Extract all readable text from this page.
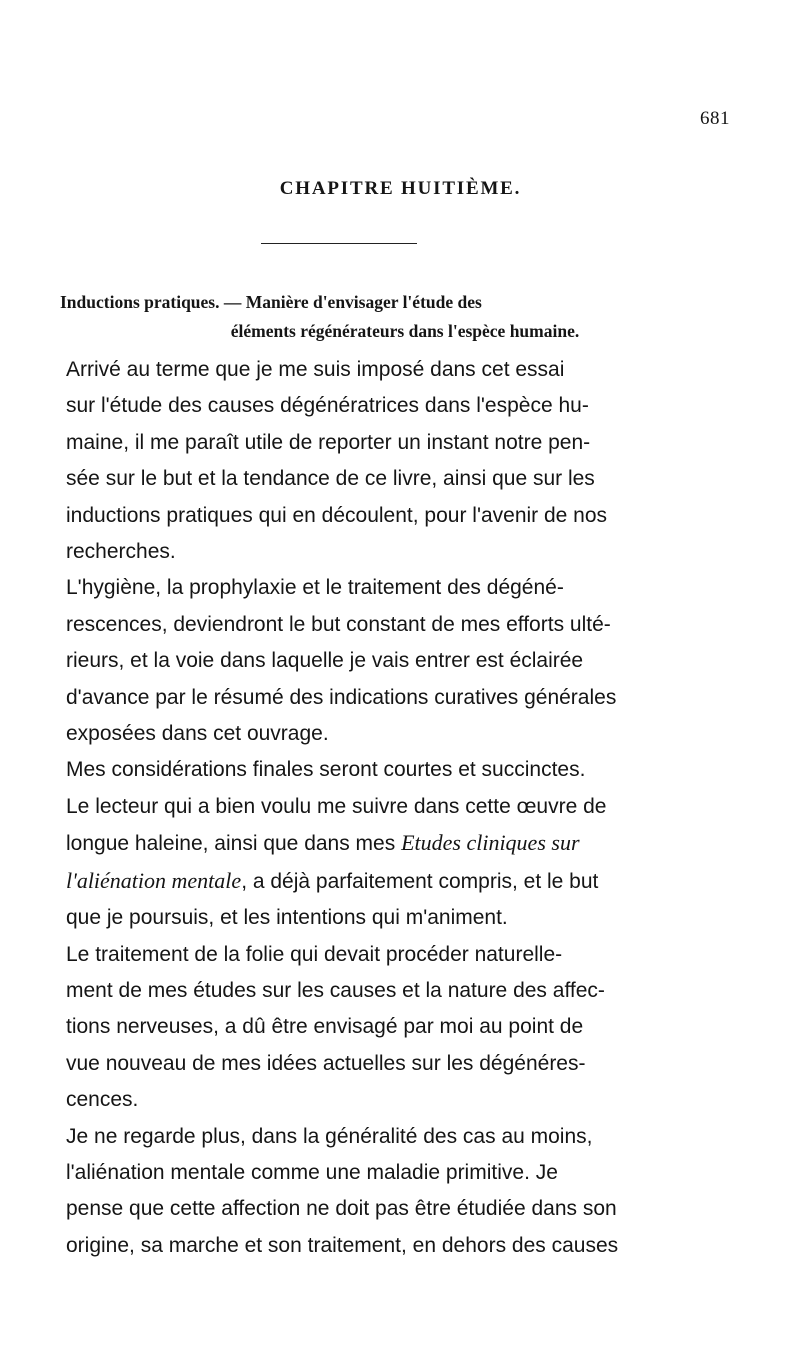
681
CHAPITRE HUITIÈME.
Inductions pratiques. — Manière d'envisager l'étude des
éléments régénérateurs dans l'espèce humaine.
Arrivé au terme que je me suis imposé dans cet essai
sur l'étude des causes dégénératrices dans l'espèce hu-
maine, il me paraît utile de reporter un instant notre pen-
sée sur le but et la tendance de ce livre, ainsi que sur les
inductions pratiques qui en découlent, pour l'avenir de nos
recherches.
L'hygiène, la prophylaxie et le traitement des dégéné-
rescences, deviendront le but constant de mes efforts ulté-
rieurs, et la voie dans laquelle je vais entrer est éclairée
d'avance par le résumé des indications curatives générales
exposées dans cet ouvrage.
Mes considérations finales seront courtes et succinctes.
Le lecteur qui a bien voulu me suivre dans cette œuvre de
longue haleine, ainsi que dans mes Etudes cliniques sur
l'aliénation mentale, a déjà parfaitement compris, et le but
que je poursuis, et les intentions qui m'animent.
Le traitement de la folie qui devait procéder naturelle-
ment de mes études sur les causes et la nature des affec-
tions nerveuses, a dû être envisagé par moi au point de
vue nouveau de mes idées actuelles sur les dégénéres-
cences.
Je ne regarde plus, dans la généralité des cas au moins,
l'aliénation mentale comme une maladie primitive. Je
pense que cette affection ne doit pas être étudiée dans son
origine, sa marche et son traitement, en dehors des causes
